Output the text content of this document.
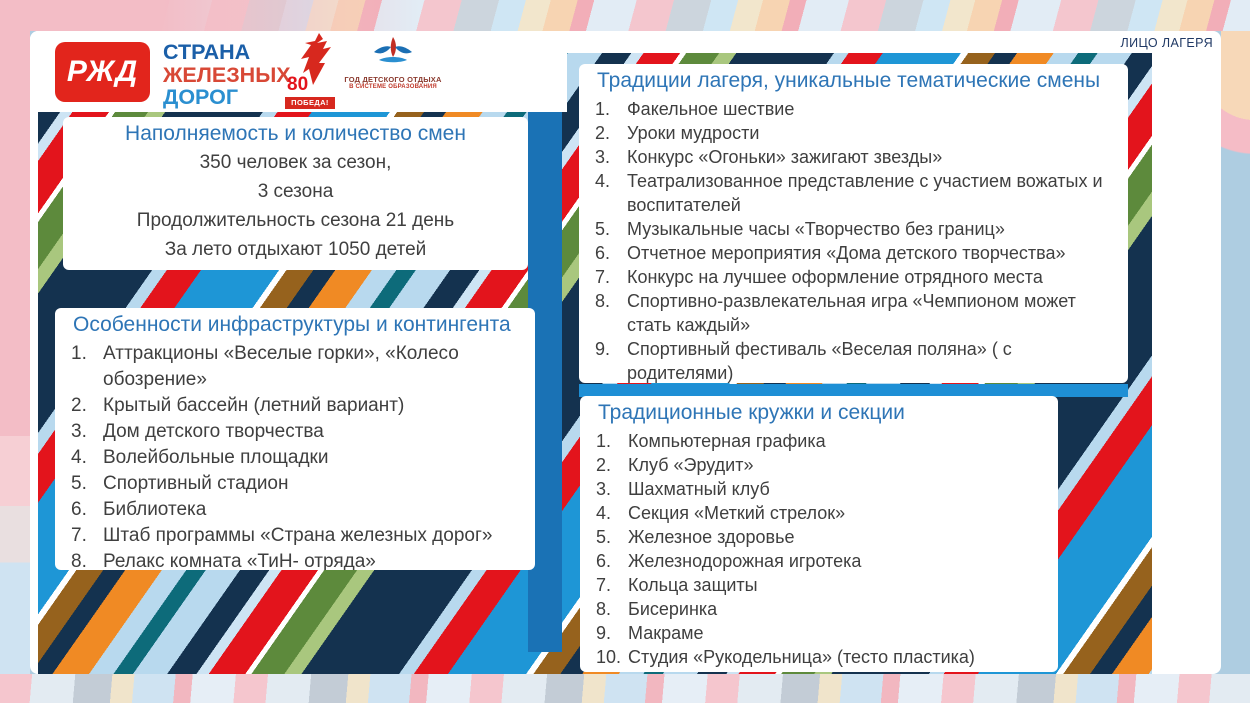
РЖД
СТРАНА
ЖЕЛЕЗНЫХ
ДОРОГ
80
ПОБЕДА!
ГОД ДЕТСКОГО ОТДЫХА
В СИСТЕМЕ ОБРАЗОВАНИЯ
ЛИЦО ЛАГЕРЯ
Наполняемость и количество смен
350 человек за сезон,
3 сезона
Продолжительность сезона 21 день
За лето отдыхают 1050 детей
Особенности инфраструктуры и контингента
Аттракционы «Веселые горки», «Колесо обозрение»
Крытый бассейн (летний вариант)
Дом детского творчества
Волейбольные площадки
Спортивный стадион
Библиотека
Штаб программы «Страна железных дорог»
Релакс комната «ТиН- отряда»
Традиции лагеря, уникальные тематические смены
Факельное шествие
Уроки мудрости
Конкурс «Огоньки» зажигают звезды»
Театрализованное представление с участием вожатых и воспитателей
Музыкальные часы «Творчество без границ»
Отчетное мероприятия «Дома детского творчества»
Конкурс на лучшее оформление отрядного места
Спортивно-развлекательная игра «Чемпионом может стать каждый»
Спортивный фестиваль «Веселая поляна» ( с родителями)
Традиционные кружки и секции
Компьютерная графика
Клуб «Эрудит»
Шахматный клуб
Секция «Меткий стрелок»
Железное здоровье
Железнодорожная игротека
Кольца защиты
Бисеринка
Макраме
Студия «Рукодельница» (тесто пластика)
